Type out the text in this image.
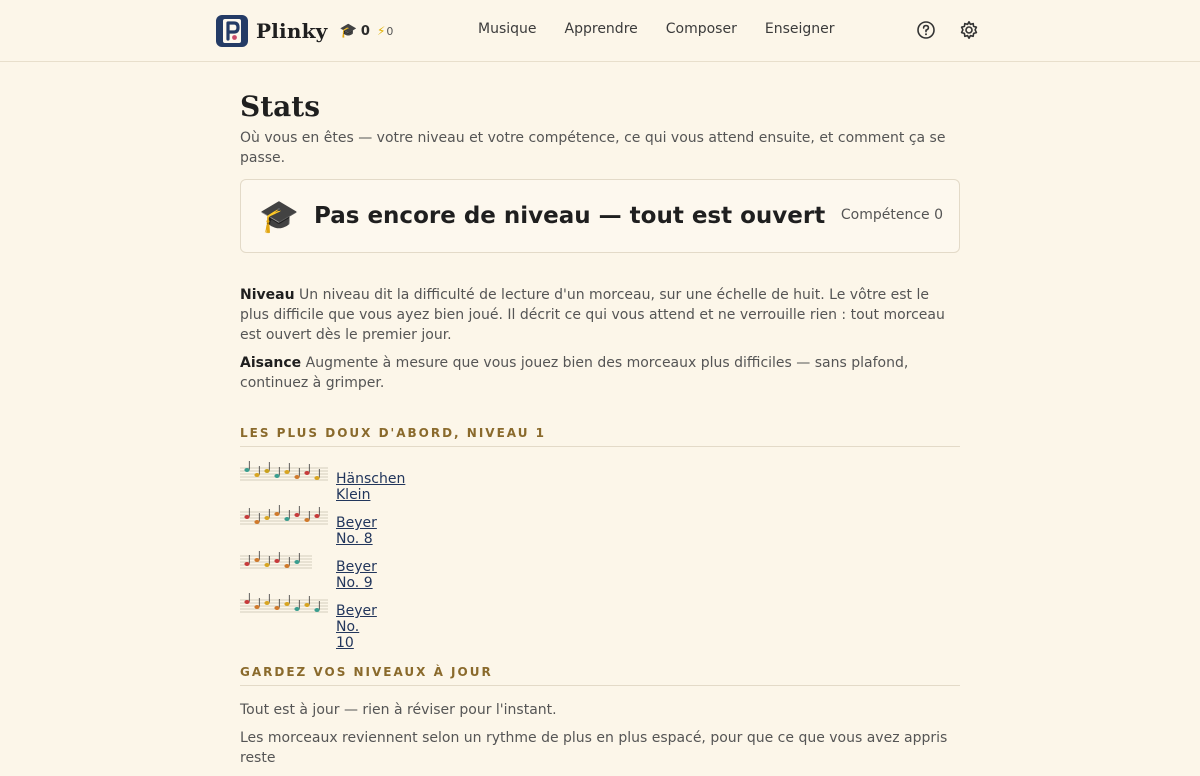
Plinky 🎓 0 ⚡ 0	Musique Apprendre Composer Enseigner
Stats
Où vous en êtes — votre niveau et votre compétence, ce qui vous attend ensuite, et comment ça se passe.
🎓 Pas encore de niveau — tout est ouvert Compétence 0

Niveau Un niveau dit la difficulté de lecture d'un morceau, sur une échelle de huit. Le vôtre est le plus difficile que vous ayez bien joué. Il décrit ce qui vous attend et ne verrouille rien : tout morceau est ouvert dès le premier jour.

Aisance Augmente à mesure que vous jouez bien des morceaux plus difficiles — sans plafond, continuez à grimper.

LES PLUS DOUX D'ABORD, NIVEAU 1
Hänschen Klein
Beyer No. 8
Beyer No. 9
Beyer No. 10
GARDEZ VOS NIVEAUX À JOUR

Tout est à jour — rien à réviser pour l'instant.

Les morceaux reviennent selon un rythme de plus en plus espacé, pour que ce que vous avez appris reste
